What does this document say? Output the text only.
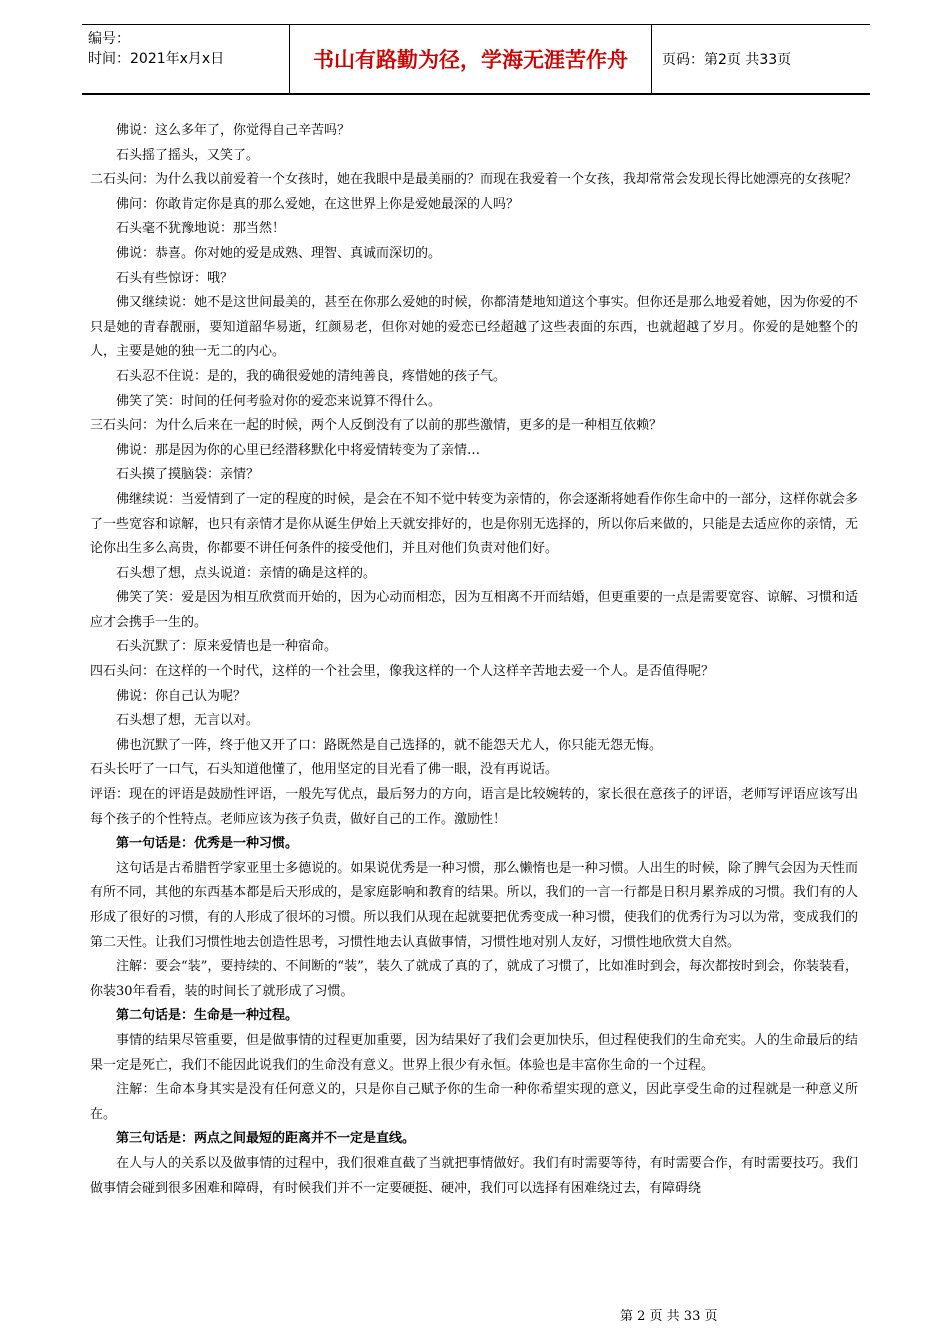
编号：
时间：2021年x月x日	书山有路勤为径，学海无涯苦作舟	页码：第2页 共33页

佛说：这么多年了，你觉得自己辛苦吗？

石头摇了摇头，又笑了。

二石头问：为什么我以前爱着一个女孩时，她在我眼中是最美丽的？而现在我爱着一个女孩，我却常常会发现长得比她漂亮的女孩呢？

佛问：你敢肯定你是真的那么爱她，在这世界上你是爱她最深的人吗？

石头毫不犹豫地说：那当然！

佛说：恭喜。你对她的爱是成熟、理智、真诚而深切的。

石头有些惊讶：哦？

佛又继续说：她不是这世间最美的，甚至在你那么爱她的时候，你都清楚地知道这个事实。但你还是那么地爱着她，因为你爱的不只是她的青春靓丽，要知道韶华易逝，红颜易老，但你对她的爱恋已经超越了这些表面的东西，也就超越了岁月。你爱的是她整个的人，主要是她的独一无二的内心。

石头忍不住说：是的，我的确很爱她的清纯善良，疼惜她的孩子气。

佛笑了笑：时间的任何考验对你的爱恋来说算不得什么。

三石头问：为什么后来在一起的时候，两个人反倒没有了以前的那些激情，更多的是一种相互依赖？

佛说：那是因为你的心里已经潜移默化中将爱情转变为了亲情…

石头摸了摸脑袋：亲情？

佛继续说：当爱情到了一定的程度的时候，是会在不知不觉中转变为亲情的，你会逐渐将她看作你生命中的一部分，这样你就会多了一些宽容和谅解，也只有亲情才是你从诞生伊始上天就安排好的，也是你别无选择的，所以你后来做的，只能是去适应你的亲情，无论你出生多么高贵，你都要不讲任何条件的接受他们，并且对他们负责对他们好。

石头想了想，点头说道：亲情的确是这样的。

佛笑了笑：爱是因为相互欣赏而开始的，因为心动而相恋，因为互相离不开而结婚，但更重要的一点是需要宽容、谅解、习惯和适应才会携手一生的。

石头沉默了：原来爱情也是一种宿命。

四石头问：在这样的一个时代，这样的一个社会里，像我这样的一个人这样辛苦地去爱一个人。是否值得呢？

佛说：你自己认为呢？

石头想了想，无言以对。

佛也沉默了一阵，终于他又开了口：路既然是自己选择的，就不能怨天尤人，你只能无怨无悔。

石头长吁了一口气，石头知道他懂了，他用坚定的目光看了佛一眼，没有再说话。

评语：现在的评语是鼓励性评语，一般先写优点，最后努力的方向，语言是比较婉转的，家长很在意孩子的评语，老师写评语应该写出每个孩子的个性特点。老师应该为孩子负责，做好自己的工作。激励性！

第一句话是：优秀是一种习惯。

这句话是古希腊哲学家亚里士多德说的。如果说优秀是一种习惯，那么懒惰也是一种习惯。人出生的时候，除了脾气会因为天性而有所不同，其他的东西基本都是后天形成的，是家庭影响和教育的结果。所以，我们的一言一行都是日积月累养成的习惯。我们有的人形成了很好的习惯，有的人形成了很坏的习惯。所以我们从现在起就要把优秀变成一种习惯，使我们的优秀行为习以为常，变成我们的第二天性。让我们习惯性地去创造性思考，习惯性地去认真做事情，习惯性地对别人友好，习惯性地欣赏大自然。

注解：要会“装”，要持续的、不间断的“装”，装久了就成了真的了，就成了习惯了，比如准时到会，每次都按时到会，你装装看，你装30年看看，装的时间长了就形成了习惯。

第二句话是：生命是一种过程。

事情的结果尽管重要，但是做事情的过程更加重要，因为结果好了我们会更加快乐，但过程使我们的生命充实。人的生命最后的结果一定是死亡，我们不能因此说我们的生命没有意义。世界上很少有永恒。体验也是丰富你生命的一个过程。

注解：生命本身其实是没有任何意义的，只是你自己赋予你的生命一种你希望实现的意义，因此享受生命的过程就是一种意义所在。

第三句话是：两点之间最短的距离并不一定是直线。

在人与人的关系以及做事情的过程中，我们很难直截了当就把事情做好。我们有时需要等待，有时需要合作，有时需要技巧。我们做事情会碰到很多困难和障碍，有时候我们并不一定要硬挺、硬冲，我们可以选择有困难绕过去，有障碍绕

第 2 页 共 33 页
